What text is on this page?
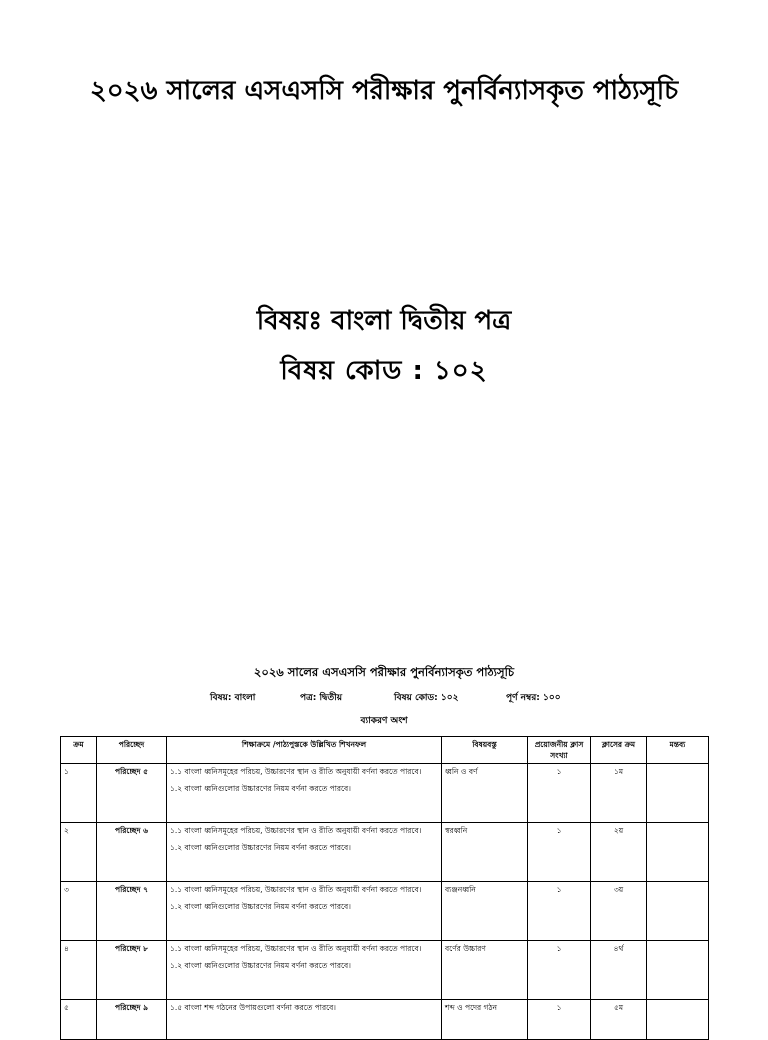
২০২৬ সালের এসএসসি পরীক্ষার পুনর্বিন্যাসকৃত পাঠ্যসূচি
বিষয়ঃ বাংলা দ্বিতীয় পত্র
বিষয় কোড : ১০২
২০২৬ সালের এসএসসি পরীক্ষার পুনর্বিন্যাসকৃত পাঠ্যসূচি
বিষয়: বাংলা	পত্র: দ্বিতীয়	বিষয় কোড: ১০২	পূর্ণ নম্বর: ১০০
ব্যাকরণ অংশ
ক্রম	পরিচ্ছেদ	শিক্ষাক্রমে /পাঠ্যপুস্তকে উল্লিখিত শিখনফল	বিষয়বস্তু	প্রয়োজনীয় ক্লাস সংখ্যা	ক্লাসের ক্রম	মন্তব্য
১	পরিচ্ছেদ ৫	১.১ বাংলা ধ্বনিসমূহের পরিচয়, উচ্চারণের স্থান ও রীতি অনুযায়ী বর্ণনা করতে পারবে।

১.২ বাংলা ধ্বনিগুলোর উচ্চারণের নিয়ম বর্ণনা করতে পারবে।	ধ্বনি ও বর্ণ	১	১ম	
২	পরিচ্ছেদ ৬	১.১ বাংলা ধ্বনিসমূহের পরিচয়, উচ্চারণের স্থান ও রীতি অনুযায়ী বর্ণনা করতে পারবে।

১.২ বাংলা ধ্বনিগুলোর উচ্চারণের নিয়ম বর্ণনা করতে পারবে।	স্বরধ্বনি	১	২য়	
৩	পরিচ্ছেদ ৭	১.১ বাংলা ধ্বনিসমূহের পরিচয়, উচ্চারণের স্থান ও রীতি অনুযায়ী বর্ণনা করতে পারবে।

১.২ বাংলা ধ্বনিগুলোর উচ্চারণের নিয়ম বর্ণনা করতে পারবে।	ব্যঞ্জনধ্বনি	১	৩য়	
৪	পরিচ্ছেদ ৮	১.১ বাংলা ধ্বনিসমূহের পরিচয়, উচ্চারণের স্থান ও রীতি অনুযায়ী বর্ণনা করতে পারবে।

১.২ বাংলা ধ্বনিগুলোর উচ্চারণের নিয়ম বর্ণনা করতে পারবে।	বর্ণের উচ্চারণ	১	৪র্থ	
৫	পরিচ্ছেদ ৯	১.৫ বাংলা শব্দ গঠনের উপায়গুলো বর্ণনা করতে পারবে।	শব্দ ও পদের গঠন	১	৫ম	
